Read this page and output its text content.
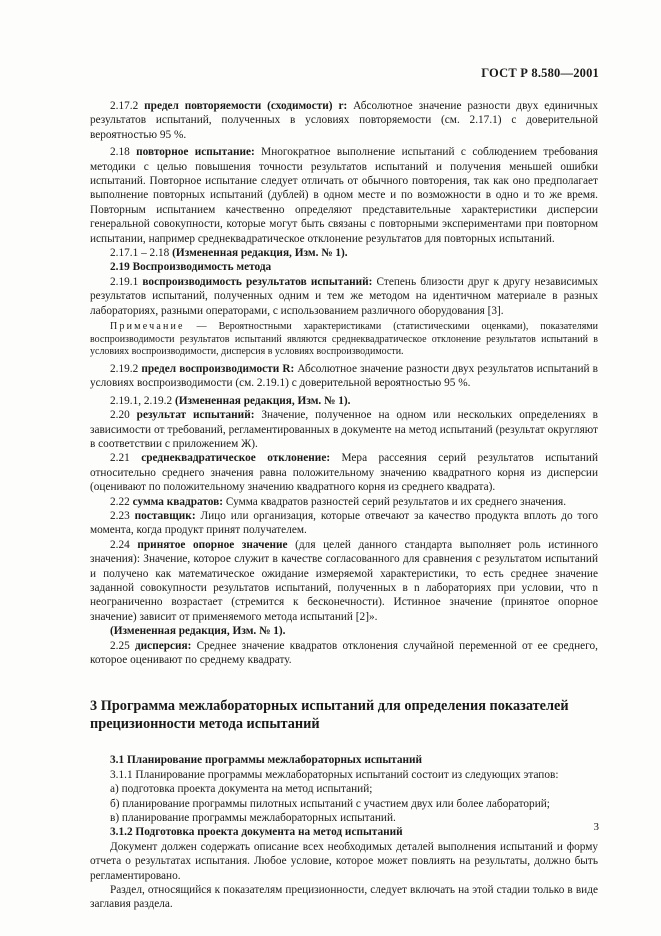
ГОСТ Р 8.580—2001

2.17.2 предел повторяемости (сходимости) r: Абсолютное значение разности двух единичных результатов испытаний, полученных в условиях повторяемости (см. 2.17.1) с доверительной вероятностью 95 %.

2.18 повторное испытание: Многократное выполнение испытаний с соблюдением требования методики с целью повышения точности результатов испытаний и получения меньшей ошибки испытаний. Повторное испытание следует отличать от обычного повторения, так как оно предполагает выполнение повторных испытаний (дублей) в одном месте и по возможности в одно и то же время. Повторным испытанием качественно определяют представительные характеристики дисперсии генеральной совокупности, которые могут быть связаны с повторными экспериментами при повторном испытании, например среднеквадратическое отклонение результатов для повторных испытаний.

2.17.1 – 2.18 (Измененная редакция, Изм. № 1).

2.19 Воспроизводимость метода

2.19.1 воспроизводимость результатов испытаний: Степень близости друг к другу независимых результатов испытаний, полученных одним и тем же методом на идентичном материале в разных лабораториях, разными операторами, с использованием различного оборудования [3].

Примечание — Вероятностными характеристиками (статистическими оценками), показателями воспроизводимости результатов испытаний являются среднеквадратическое отклонение результатов испытаний в условиях воспроизводимости, дисперсия в условиях воспроизводимости.

2.19.2 предел воспроизводимости R: Абсолютное значение разности двух результатов испытаний в условиях воспроизводимости (см. 2.19.1) с доверительной вероятностью 95 %.

2.19.1, 2.19.2 (Измененная редакция, Изм. № 1).

2.20 результат испытаний: Значение, полученное на одном или нескольких определениях в зависимости от требований, регламентированных в документе на метод испытаний (результат округляют в соответствии с приложением Ж).

2.21 среднеквадратическое отклонение: Мера рассеяния серий результатов испытаний относительно среднего значения равна положительному значению квадратного корня из дисперсии (оценивают по положительному значению квадратного корня из среднего квадрата).

2.22 сумма квадратов: Сумма квадратов разностей серий результатов и их среднего значения.

2.23 поставщик: Лицо или организация, которые отвечают за качество продукта вплоть до того момента, когда продукт принят получателем.

2.24 принятое опорное значение (для целей данного стандарта выполняет роль истинного значения): Значение, которое служит в качестве согласованного для сравнения с результатом испытаний и получено как математическое ожидание измеряемой характеристики, то есть среднее значение заданной совокупности результатов испытаний, полученных в n лабораториях при условии, что n неограниченно возрастает (стремится к бесконечности). Истинное значение (принятое опорное значение) зависит от применяемого метода испытаний [2]».

(Измененная редакция, Изм. № 1).

2.25 дисперсия: Среднее значение квадратов отклонения случайной переменной от ее среднего, которое оценивают по среднему квадрату.

3 Программа межлабораторных испытаний для определения показателей прецизионности метода испытаний

3.1 Планирование программы межлабораторных испытаний

3.1.1 Планирование программы межлабораторных испытаний состоит из следующих этапов:

а) подготовка проекта документа на метод испытаний;

б) планирование программы пилотных испытаний с участием двух или более лабораторий;

в) планирование программы межлабораторных испытаний.

3.1.2 Подготовка проекта документа на метод испытаний

Документ должен содержать описание всех необходимых деталей выполнения испытаний и форму отчета о результатах испытания. Любое условие, которое может повлиять на результаты, должно быть регламентировано.

Раздел, относящийся к показателям прецизионности, следует включать на этой стадии только в виде заглавия раздела.

3
